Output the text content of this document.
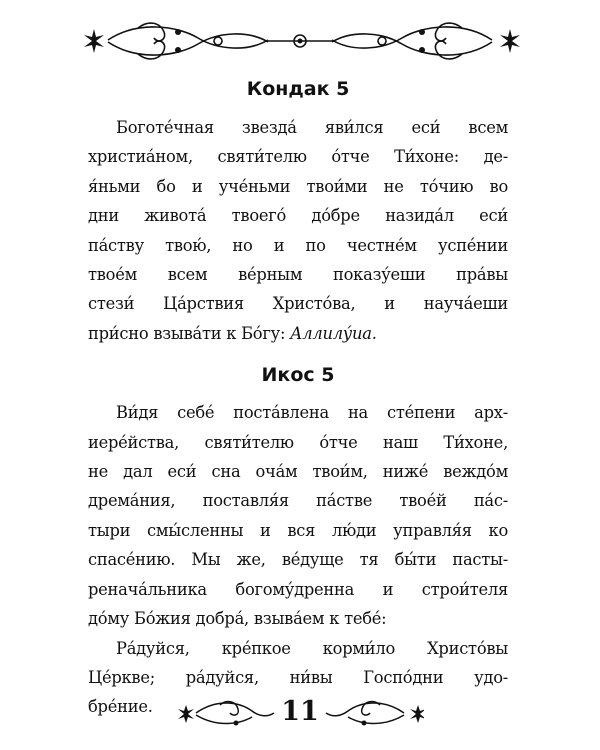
Кондак 5

Боготе́чная звезда́ яви́лся еси́ всем
христиа́ном, святи́телю о́тче Ти́хоне: де-
я́ньми бо и уче́ньми твои́ми не то́чию во
дни живота́ твоего́ до́бре назида́л еси́
па́ству твою́, но и по честне́м успе́нии
твое́м всем ве́рным показу́еши пра́вы
стези́ Ца́рствия Христо́ва, и науча́еши
при́сно взыва́ти к Бо́гу: Аллилу́иа.

Икос 5

Ви́дя себе́ поста́влена на сте́пени арх-
иере́йства, святи́телю о́тче наш Ти́хоне,
не дал еси́ сна оча́м твои́м, ниже́ веждо́м
дрема́ния, поставля́я па́стве твое́й па́с-
тыри смы́сленны и вся лю́ди управля́я ко
спасе́нию. Мы же, ве́дуще тя бы́ти пасты-
ренача́льника богому́дренна и строи́теля
до́му Бо́жия добра́, взыва́ем к тебе́:

Ра́дуйся, кре́пкое корми́ло Христо́вы
Це́ркве; ра́дуйся, ни́вы Госпо́дни удо-
бре́ние.	11
